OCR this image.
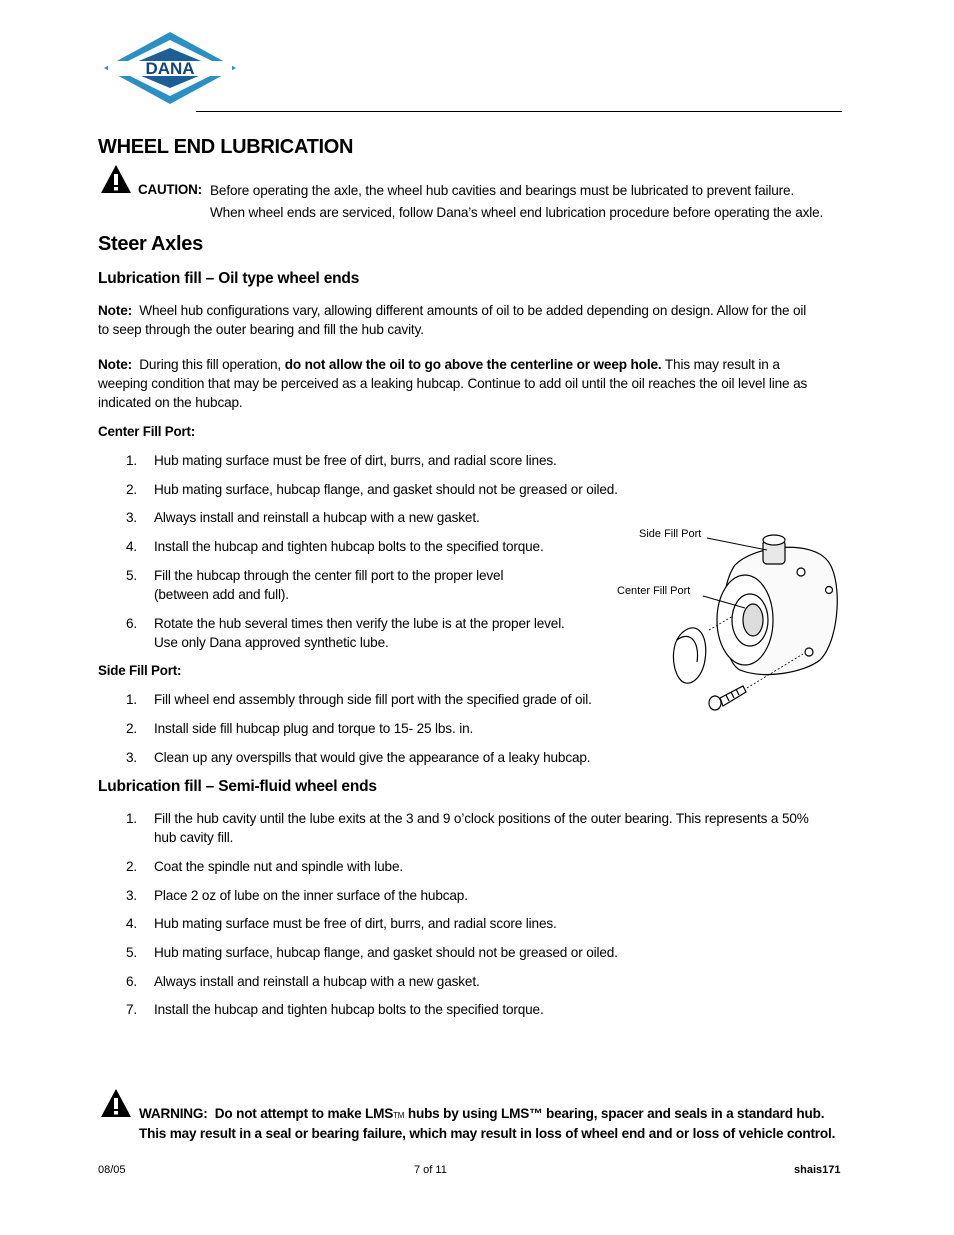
DANA
WHEEL END LUBRICATION
CAUTION: Before operating the axle, the wheel hub cavities and bearings must be lubricated to prevent failure.
When wheel ends are serviced, follow Dana’s wheel end lubrication procedure before operating the axle.
Steer Axles
Lubrication fill – Oil type wheel ends
Note: Wheel hub configurations vary, allowing different amounts of oil to be added depending on design. Allow for the oil
to seep through the outer bearing and fill the hub cavity.
Note: During this fill operation, do not allow the oil to go above the centerline or weep hole. This may result in a
weeping condition that may be perceived as a leaking hubcap. Continue to add oil until the oil reaches the oil level line as
indicated on the hubcap.
Center Fill Port:
1. Hub mating surface must be free of dirt, burrs, and radial score lines.
2. Hub mating surface, hubcap flange, and gasket should not be greased or oiled.
3. Always install and reinstall a hubcap with a new gasket.
4. Install the hubcap and tighten hubcap bolts to the specified torque.
5. Fill the hubcap through the center fill port to the proper level
(between add and full).
6. Rotate the hub several times then verify the lube is at the proper level.
Use only Dana approved synthetic lube.
Side Fill Port:
1. Fill wheel end assembly through side fill port with the specified grade of oil.
2. Install side fill hubcap plug and torque to 15- 25 lbs. in.
3. Clean up any overspills that would give the appearance of a leaky hubcap.
Side Fill Port
Center Fill Port
Lubrication fill – Semi-fluid wheel ends
1. Fill the hub cavity until the lube exits at the 3 and 9 o’clock positions of the outer bearing. This represents a 50%
hub cavity fill.
2. Coat the spindle nut and spindle with lube.
3. Place 2 oz of lube on the inner surface of the hubcap.
4. Hub mating surface must be free of dirt, burrs, and radial score lines.
5. Hub mating surface, hubcap flange, and gasket should not be greased or oiled.
6. Always install and reinstall a hubcap with a new gasket.
7. Install the hubcap and tighten hubcap bolts to the specified torque.
WARNING: Do not attempt to make LMSTM hubs by using LMS™ bearing, spacer and seals in a standard hub.
This may result in a seal or bearing failure, which may result in loss of wheel end and or loss of vehicle control.
08/05	7 of 11	shais171
